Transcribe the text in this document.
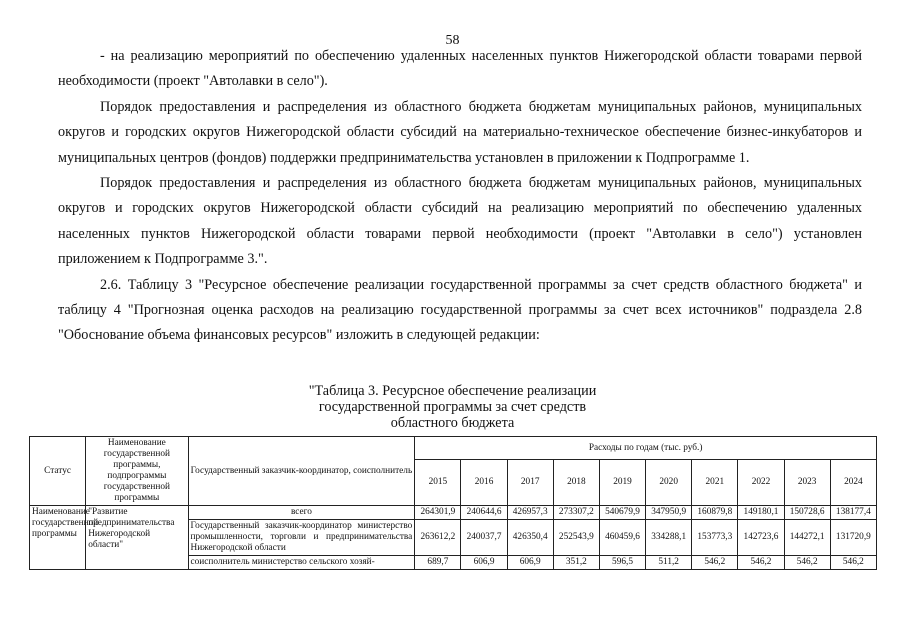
58

- на реализацию мероприятий по обеспечению удаленных населенных пунктов Нижегородской области товарами первой необходимости (проект "Автолавки в село").

Порядок предоставления и распределения из областного бюджета бюджетам муниципальных районов, муниципальных округов и городских округов Нижегородской области субсидий на материально-техническое обеспечение бизнес-инкубаторов и муниципальных центров (фондов) поддержки предпринимательства установлен в приложении к Подпрограмме 1.

Порядок предоставления и распределения из областного бюджета бюджетам муниципальных районов, муниципальных округов и городских округов Нижегородской области субсидий на реализацию мероприятий по обеспечению удаленных населенных пунктов Нижегородской области товарами первой необходимости (проект "Автолавки в село") установлен приложением к Подпрограмме 3.".

2.6. Таблицу 3 "Ресурсное обеспечение реализации государственной программы за счет средств областного бюджета" и таблицу 4 "Прогнозная оценка расходов на реализацию государственной программы за счет всех источников" подраздела 2.8 "Обоснование объема финансовых ресурсов" изложить в следующей редакции:

"Таблица 3. Ресурсное обеспечение реализации
государственной программы за счет средств
областного бюджета
Статус	Наименование государственной программы, подпрограммы государственной программы	Государственный заказчик-координатор, соисполнитель	Расходы по годам (тыс. руб.)									
			2015	2016	2017	2018	2019	2020	2021	2022	2023	2024
Наименование государственной программы	"Развитие предпринимательства Нижегородской области"	всего	264301,9	240644,6	426957,3	273307,2	540679,9	347950,9	160879,8	149180,1	150728,6	138177,4
		Государственный заказчик-координатор министерство промышленности, торговли и предпринимательства Нижегородской области	263612,2	240037,7	426350,4	252543,9	460459,6	334288,1	153773,3	142723,6	144272,1	131720,9
		соисполнитель министерство сельского хозяй-	689,7	606,9	606,9	351,2	596,5	511,2	546,2	546,2	546,2	546,2
